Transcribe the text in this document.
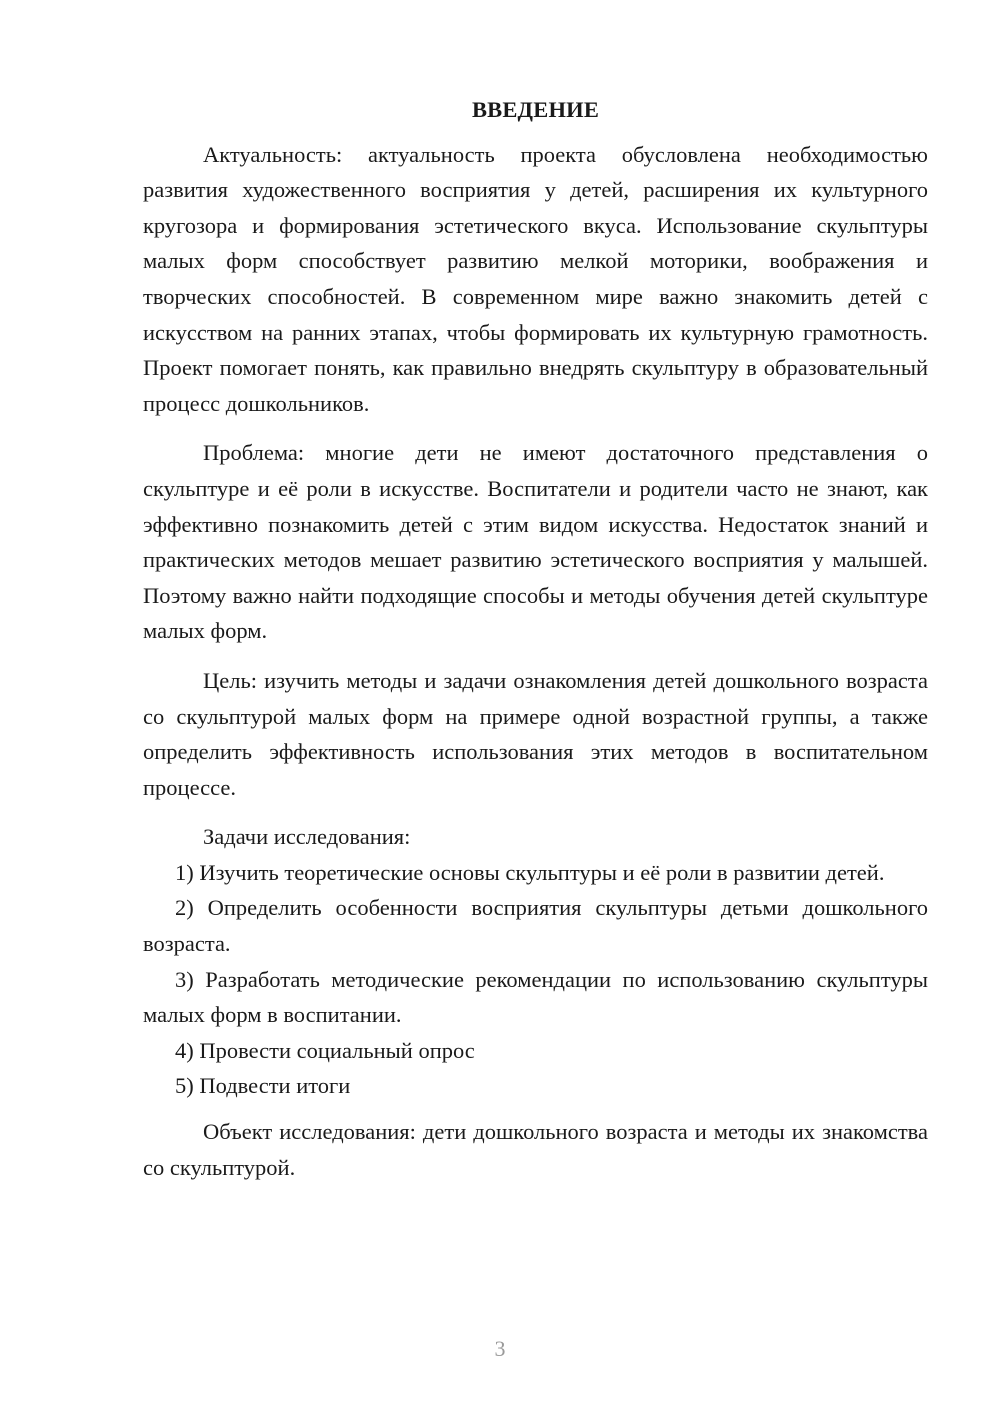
ВВЕДЕНИЕ

Актуальность: актуальность проекта обусловлена необходимостью развития художественного восприятия у детей, расширения их культурного кругозора и формирования эстетического вкуса. Использование скульптуры малых форм способствует развитию мелкой моторики, воображения и творческих способностей. В современном мире важно знакомить детей с искусством на ранних этапах, чтобы формировать их культурную грамотность. Проект помогает понять, как правильно внедрять скульптуру в образовательный процесс дошкольников.

Проблема: многие дети не имеют достаточного представления о скульптуре и её роли в искусстве. Воспитатели и родители часто не знают, как эффективно познакомить детей с этим видом искусства. Недостаток знаний и практических методов мешает развитию эстетического восприятия у малышей. Поэтому важно найти подходящие способы и методы обучения детей скульптуре малых форм.

Цель: изучить методы и задачи ознакомления детей дошкольного возраста со скульптурой малых форм на примере одной возрастной группы, а также определить эффективность использования этих методов в воспитательном процессе.

Задачи исследования:

1) Изучить теоретические основы скульптуры и её роли в развитии детей.

2) Определить особенности восприятия скульптуры детьми дошкольного возраста.

3) Разработать методические рекомендации по использованию скульптуры малых форм в воспитании.

4) Провести социальный опрос

5) Подвести итоги

Объект исследования: дети дошкольного возраста и методы их знакомства со скульптурой.

3
